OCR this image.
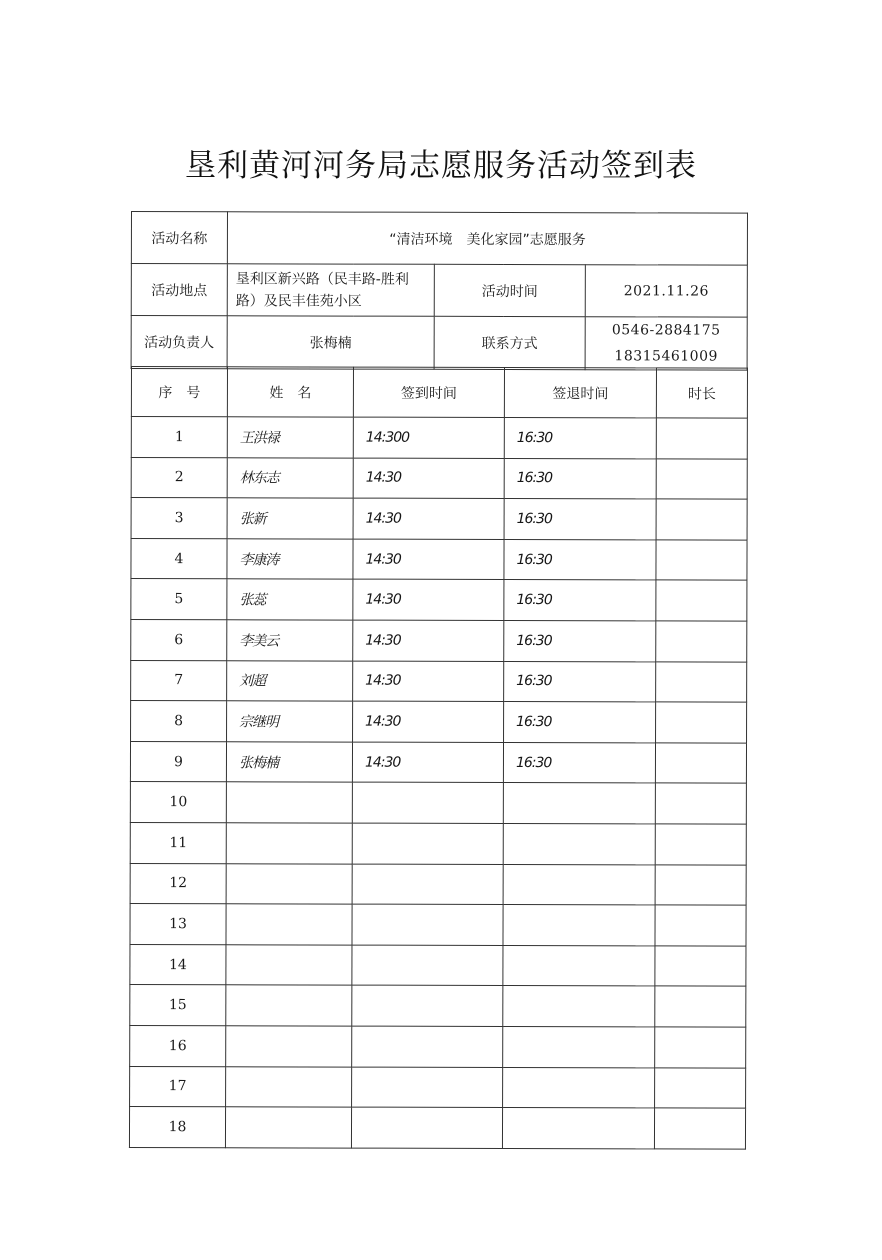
垦利黄河河务局志愿服务活动签到表
活动名称	“清洁环境　美化家园”志愿服务		
活动地点	垦利区新兴路（民丰路-胜利
路）及民丰佳苑小区	活动时间	2021.11.26
活动负责人	张梅楠	联系方式	0546-2884175
18315461009
序　号	姓　名	签到时间	签退时间	时长
1	王洪禄	14:300	16:30	
2	林东志	14:30	16:30	
3	张新	14:30	16:30	
4	李康涛	14:30	16:30	
5	张蕊	14:30	16:30	
6	李美云	14:30	16:30	
7	刘超	14:30	16:30	
8	宗继明	14:30	16:30	
9	张梅楠	14:30	16:30	
10				
11				
12				
13				
14				
15				
16				
17				
18				
